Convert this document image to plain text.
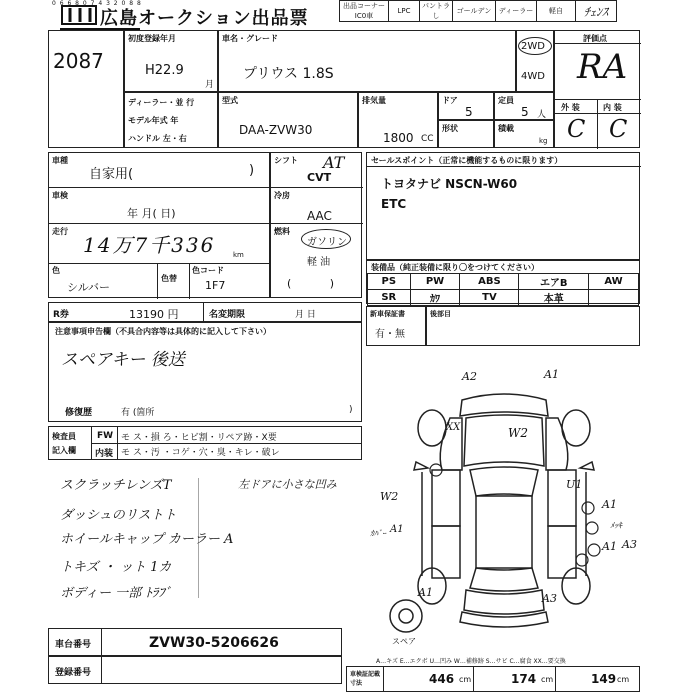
0 6 6 8 0 7 4 3 2 0 8 8
広島オークション出品票
出品コーナー IC0車	LPC	パントラ し	ゴールデン	ディーラー	軽自	ﾁｪﾝｽ
2087
初度登録年月
H22.9
月
車名・グレード
プリウス 1.8S
2WD
4WD
評価点
RA
外 装	内 装
C C
ディーラー・並 行
モデル年式 年
ハンドル 左・右
型式
DAA-ZVW30
排気量
1800 CC
ドア
5
定員
5 人
形状	積載
kg
車種
自家用(	)
車検
年 月( 日)
走行
14万7千336	km
色
シルバー
色替
色コード
1F7
シフト AT
CVT
冷房
AAC
燃料
ガソリン
軽 油
(           )
セールスポイント（正常に機能するものに限ります）
トヨタナビ NSCN-W60
ETC
装備品（純正装備に限り〇をつけてください）
PS	PW	ABS	エアB	AW
SR	ｶﾜ	TV	本革	
R券	13190 円	名変期限	月 日	新車保証書
有・無
後部目
注意事項申告欄（不具合内容等は具体的に記入して下さい）
スペアキー 後送
修復歴	有 (箇所	)
検査員
記入欄
FW モ ス・損 ろ・ヒビ割・リペア跡・X要
内装 モ ス・汚 ・コゲ・穴・臭・キレ・破レ
スクラッチレンズT
ダッシュのリストト
ホイールキャップ カーラー A
トキズ ・ ット 1カ
ボディー 一部 ﾄﾗﾌﾞ
左ドアに小さな凹み
A2	A1
XX	W2
U1
W2
A1
A1 A3
A1
A1	A3
ｶﾊﾞｰ
ﾒｯｷ
スペア
A…キズ E…エクボ U…凹み W…補修跡 S…サビ C…腐食 XX…要交換
車台番号	ZVW30-5206626
登録番号	車検証記載
寸法	446 cm	174 cm	149 cm
